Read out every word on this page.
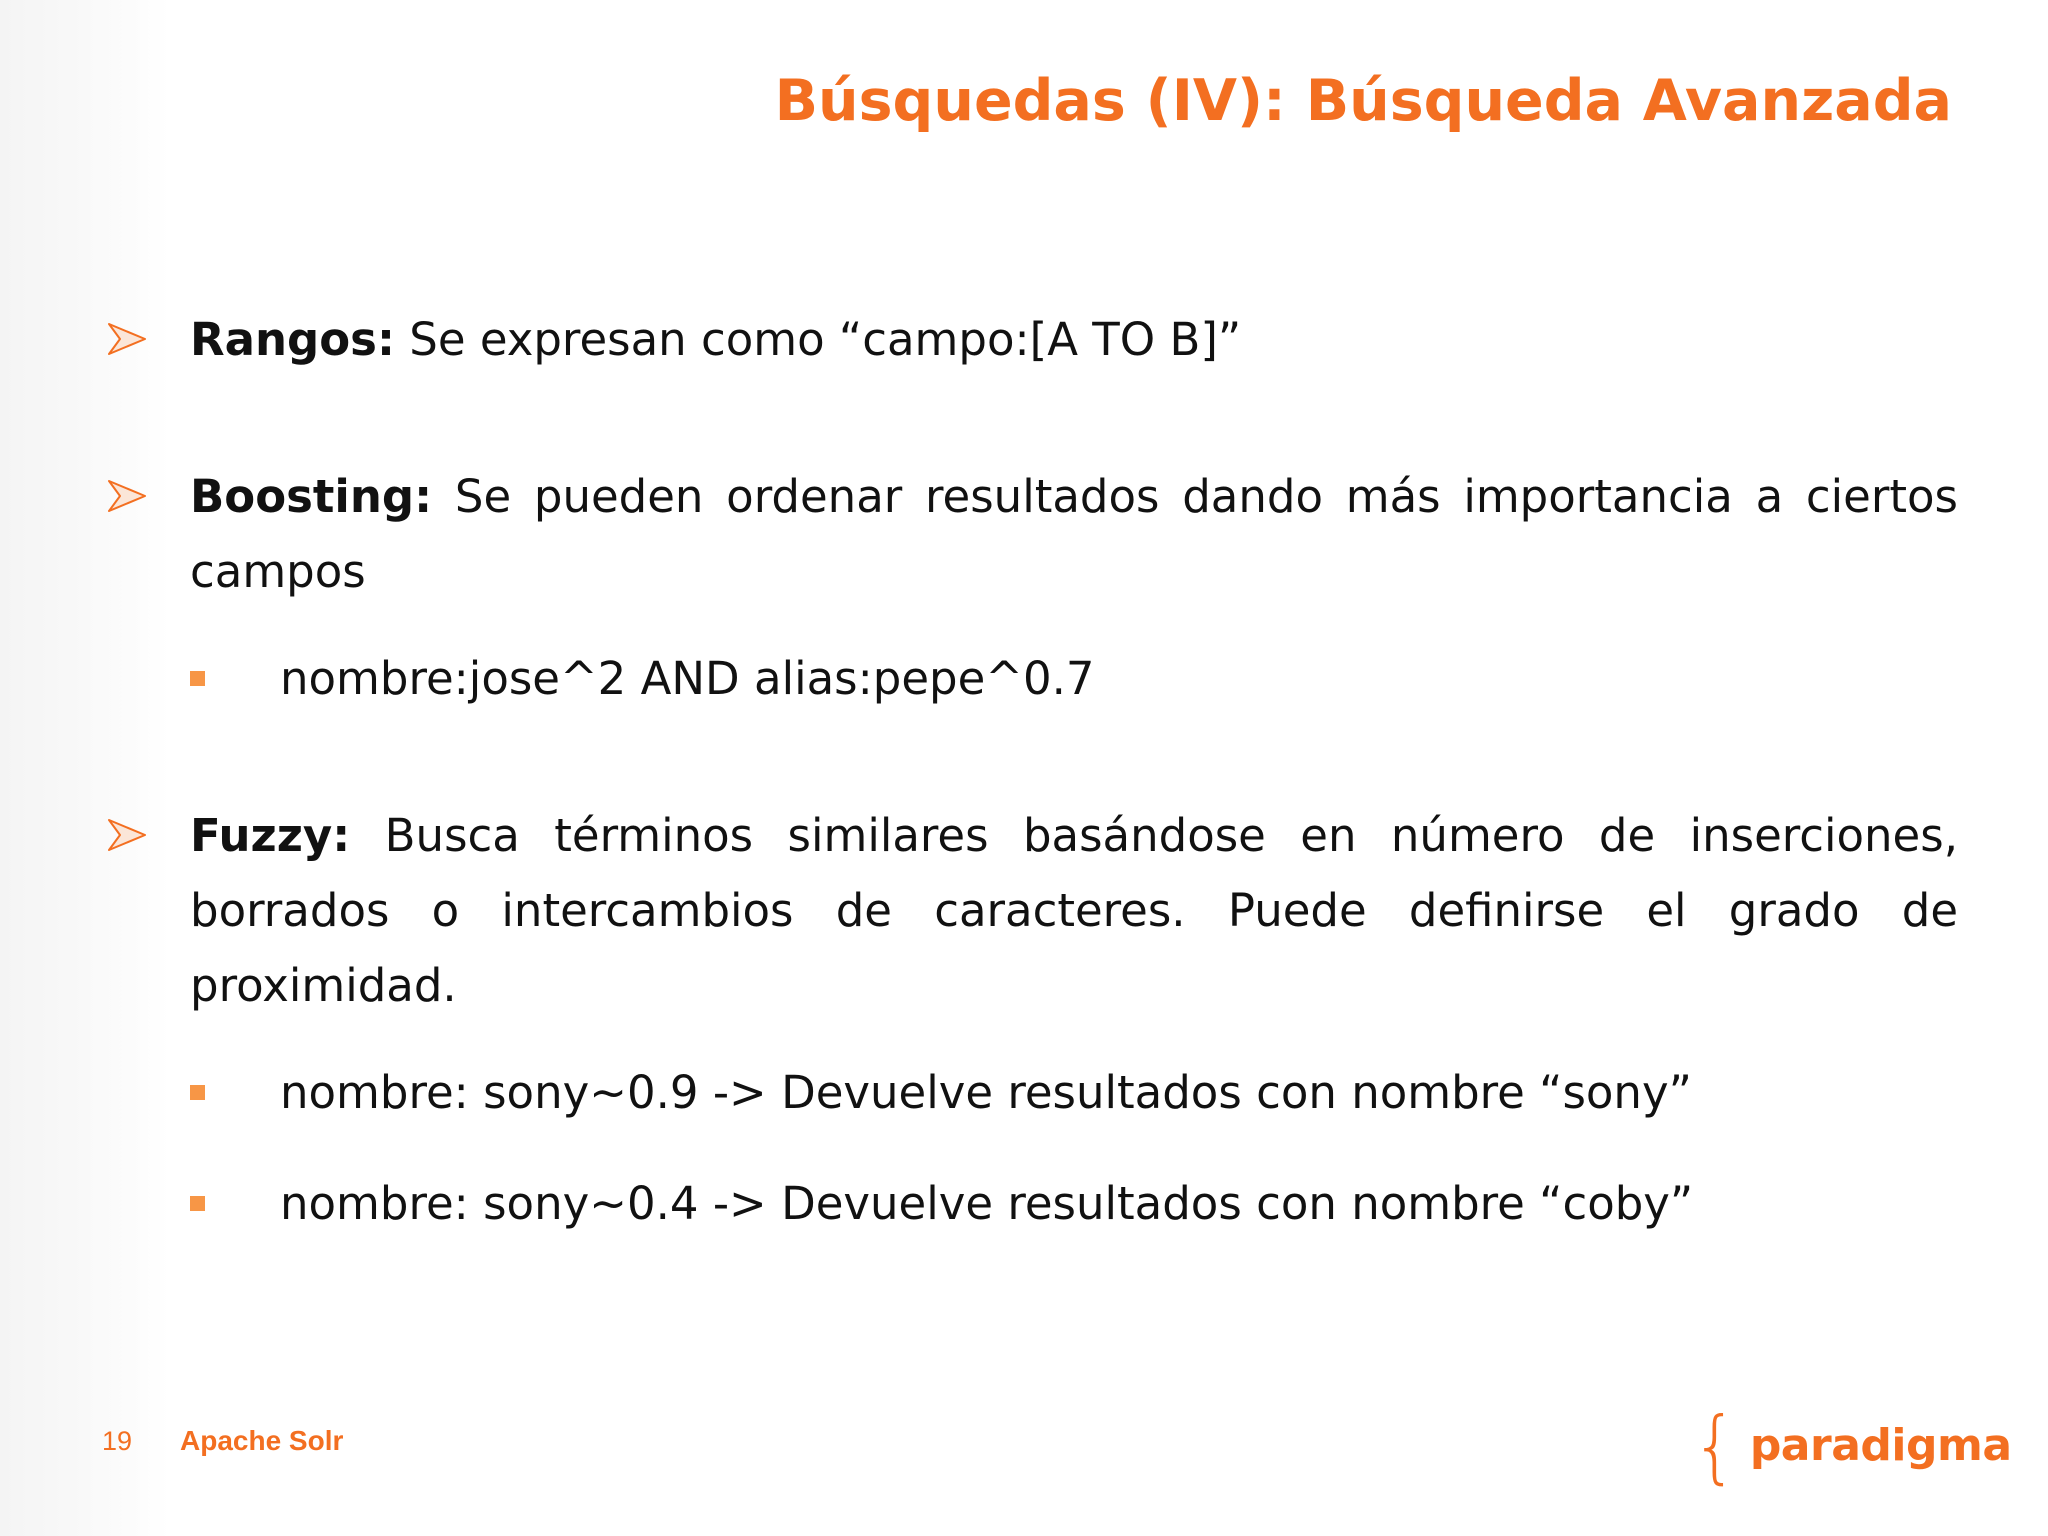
Búsquedas (IV): Búsqueda Avanzada
Rangos: Se expresan como “campo:[A TO B]”
Boosting: Se pueden ordenar resultados dando más importancia a ciertos campos
nombre:jose^2 AND alias:pepe^0.7
Fuzzy: Busca términos similares basándose en número de inserciones, borrados o intercambios de caracteres. Puede definirse el grado de proximidad.
nombre: sony~0.9 -> Devuelve resultados con nombre “sony”
nombre: sony~0.4 -> Devuelve resultados con nombre “coby”
19 Apache Solr	{ paradigma
